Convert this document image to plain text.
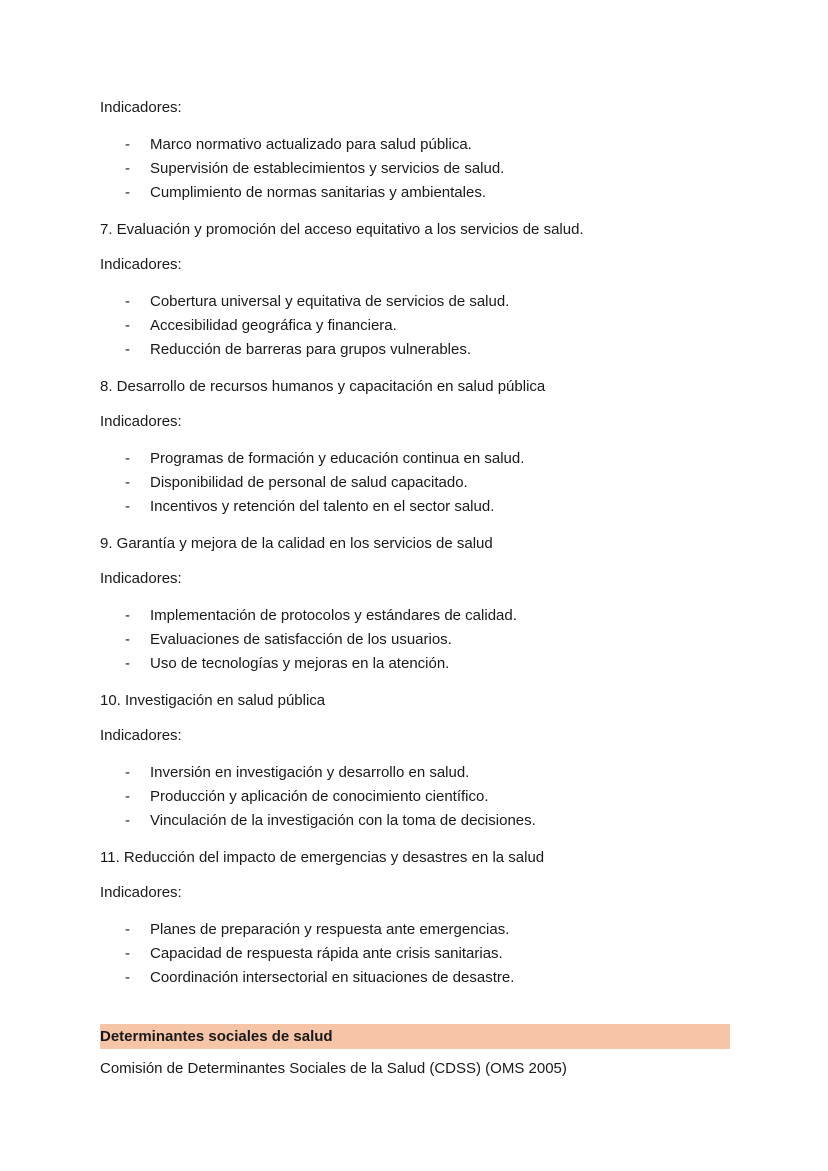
Indicadores:

- Marco normativo actualizado para salud pública.
- Supervisión de establecimientos y servicios de salud.
- Cumplimiento de normas sanitarias y ambientales.

7. Evaluación y promoción del acceso equitativo a los servicios de salud.

Indicadores:

- Cobertura universal y equitativa de servicios de salud.
- Accesibilidad geográfica y financiera.
- Reducción de barreras para grupos vulnerables.

8. Desarrollo de recursos humanos y capacitación en salud pública

Indicadores:

- Programas de formación y educación continua en salud.
- Disponibilidad de personal de salud capacitado.
- Incentivos y retención del talento en el sector salud.

9. Garantía y mejora de la calidad en los servicios de salud

Indicadores:

- Implementación de protocolos y estándares de calidad.
- Evaluaciones de satisfacción de los usuarios.
- Uso de tecnologías y mejoras en la atención.

10. Investigación en salud pública

Indicadores:

- Inversión en investigación y desarrollo en salud.
- Producción y aplicación de conocimiento científico.
- Vinculación de la investigación con la toma de decisiones.

11. Reducción del impacto de emergencias y desastres en la salud

Indicadores:

- Planes de preparación y respuesta ante emergencias.
- Capacidad de respuesta rápida ante crisis sanitarias.
- Coordinación intersectorial en situaciones de desastre.
Determinantes sociales de salud

Comisión de Determinantes Sociales de la Salud (CDSS) (OMS 2005)
